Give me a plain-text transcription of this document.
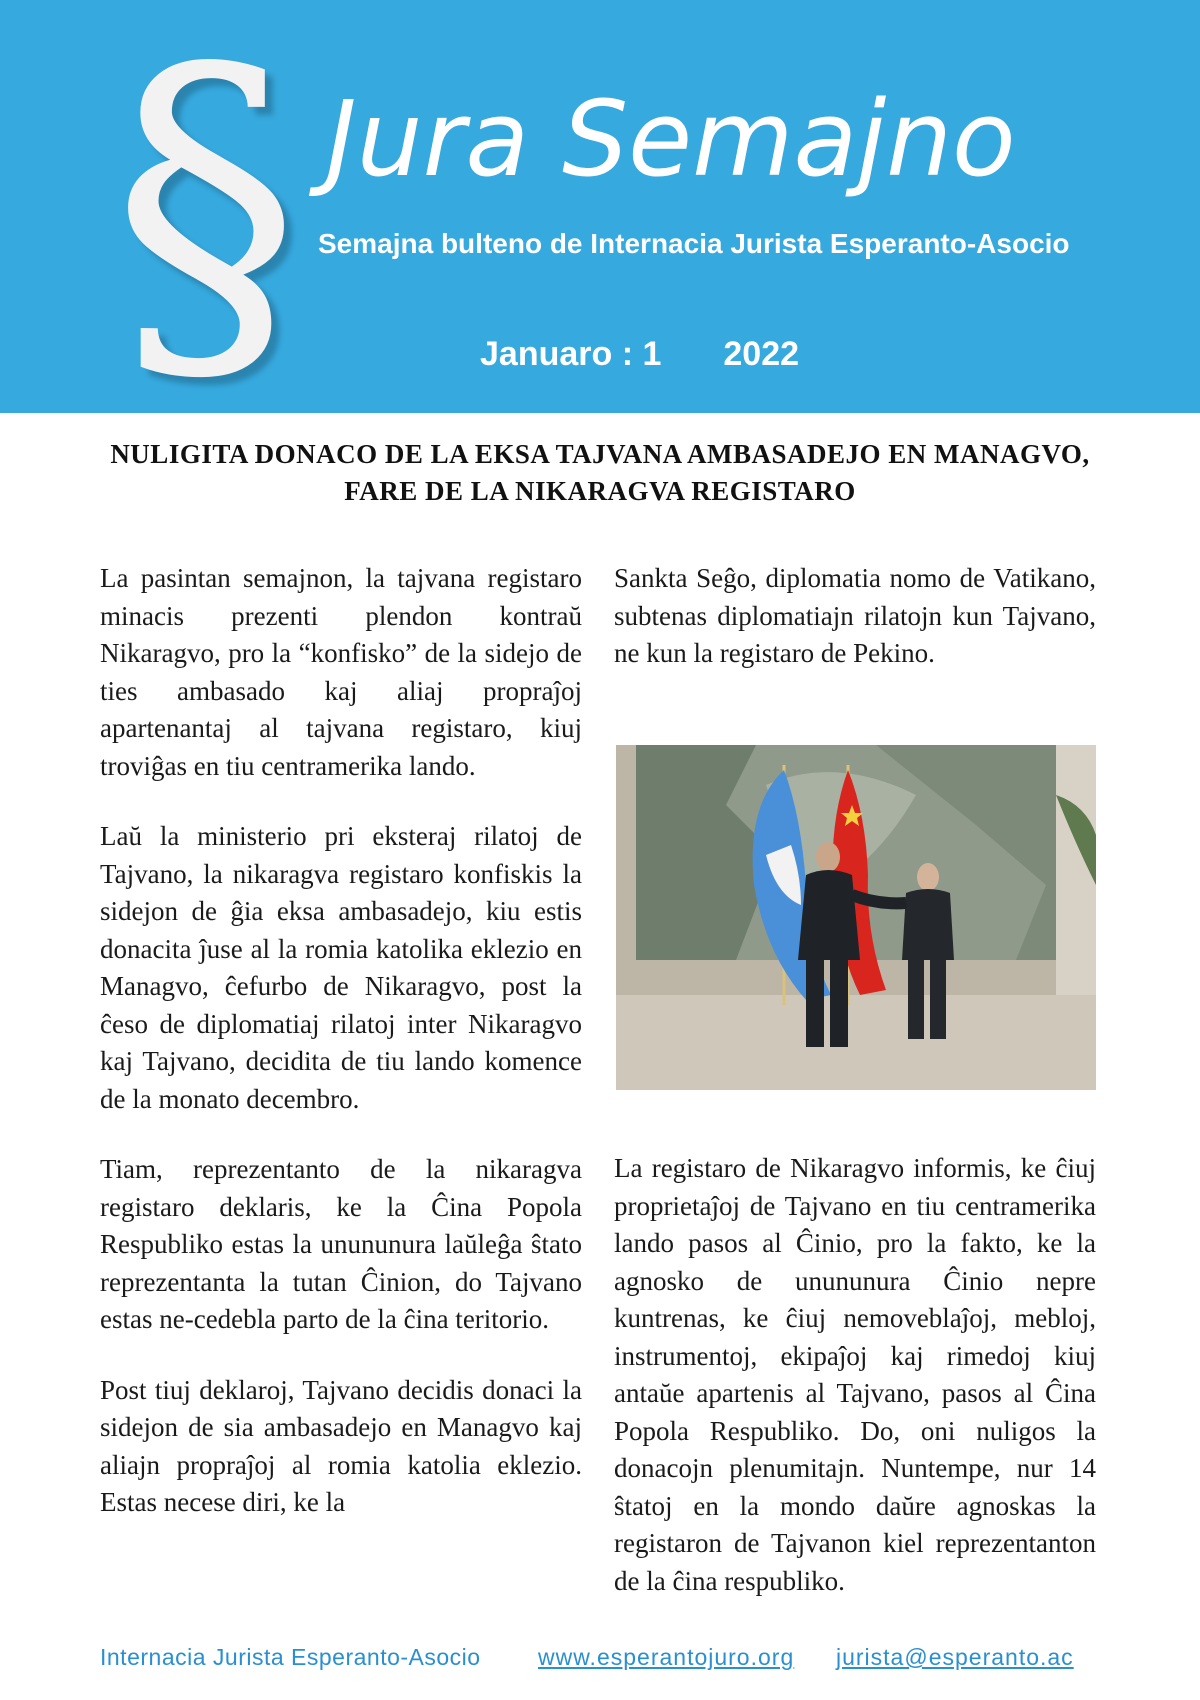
§ Jura Semajno
Semajna bulteno de Internacia Jurista Esperanto-Asocio
Januaro : 1 2022
NULIGITA DONACO DE LA EKSA TAJVANA AMBASADEJO EN MANAGVO, FARE DE LA NIKARAGVA REGISTARO

La pasintan semajnon, la tajvana registaro minacis prezenti plendon kontraŭ Nikaragvo, pro la “konfisko” de la sidejo de ties ambasado kaj aliaj propraĵoj apartenantaj al tajvana registaro, kiuj troviĝas en tiu centramerika lando.

Laŭ la ministerio pri eksteraj rilatoj de Tajvano, la nikaragva registaro konfiskis la sidejon de ĝia eksa ambasadejo, kiu estis donacita ĵuse al la romia katolika eklezio en Managvo, ĉefurbo de Nikaragvo, post la ĉeso de diplomatiaj rilatoj inter Nikaragvo kaj Tajvano, decidita de tiu lando komence de la monato decembro.

Tiam, reprezentanto de la nikaragva registaro deklaris, ke la Ĉina Popola Respubliko estas la unununura laŭleĝa ŝtato reprezentanta la tutan Ĉinion, do Tajvano estas ne-cedebla parto de la ĉina teritorio.

Post tiuj deklaroj, Tajvano decidis donaci la sidejon de sia ambasadejo en Managvo kaj aliajn propraĵoj al romia katolia eklezio. Estas necese diri, ke la

Sankta Seĝo, diplomatia nomo de Vatikano, subtenas diplomatiajn rilatojn kun Tajvano, ne kun la registaro de Pekino.

La registaro de Nikaragvo informis, ke ĉiuj proprietaĵoj de Tajvano en tiu centramerika lando pasos al Ĉinio, pro la fakto, ke la agnosko de unununura Ĉinio nepre kuntrenas, ke ĉiuj nemoveblaĵoj, mebloj, instrumentoj, ekipaĵoj kaj rimedoj kiuj antaŭe apartenis al Tajvano, pasos al Ĉina Popola Respubliko. Do, oni nuligos la donacojn plenumitajn. Nuntempe, nur 14 ŝtatoj en la mondo daŭre agnoskas la registaron de Tajvanon kiel reprezentanton de la ĉina respubliko.

Internacia Jurista Esperanto-Asocio www.esperantojuro.org jurista@esperanto.ac
